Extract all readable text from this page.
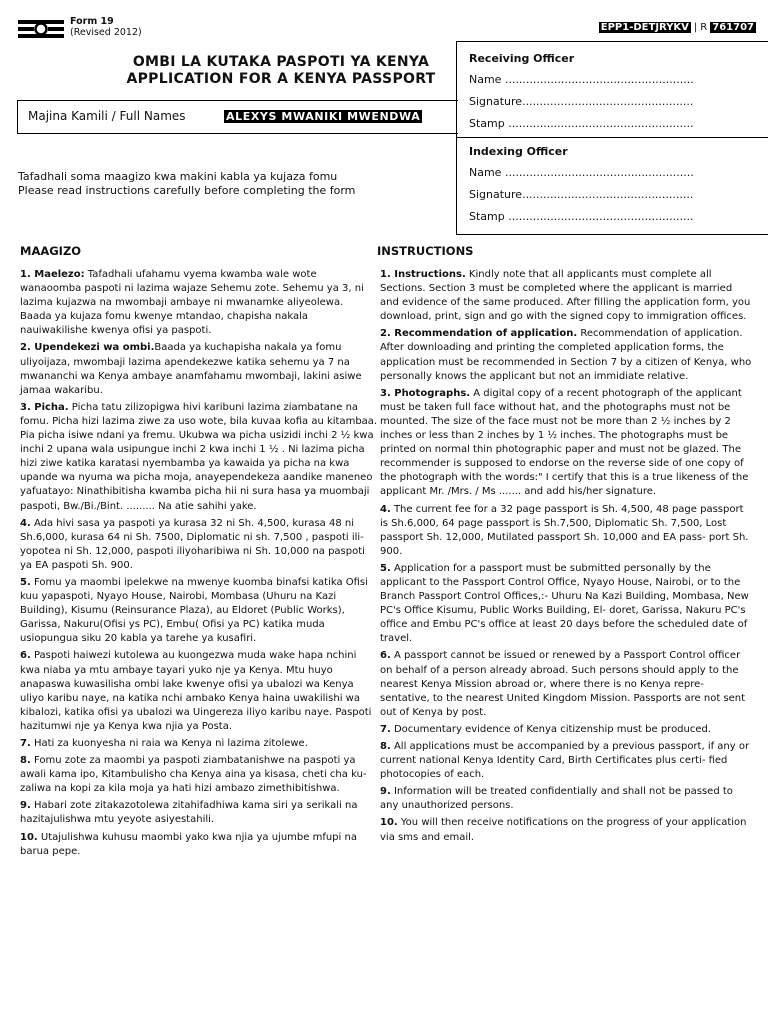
Form 19
(Revised 2012)	EPP1-DETJRYKV | R 761707
OMBI LA KUTAKA PASPOTI YA KENYA
APPLICATION FOR A KENYA PASSPORT
Receiving Officer
Name ......................................................
Signature.................................................
Stamp .....................................................
Indexing Officer
Name ......................................................
Signature.................................................
Stamp .....................................................
Majina Kamili / Full Names	ALEXYS MWANIKI MWENDWA
Tafadhali soma maagizo kwa makini kabla ya kujaza fomu
Please read instructions carefully before completing the form
MAAGIZO	INSTRUCTIONS

1. Maelezo: Tafadhali ufahamu vyema kwamba wale wote wanaoomba paspoti ni lazima wajaze Sehemu zote. Sehemu ya 3, ni lazima kujazwa na mwombaji ambaye ni mwanamke aliyeolewa. Baada ya kujaza fomu kwenye mtandao, chapisha nakala nauiwakilishe kwenya ofisi ya paspoti.

2. Upendekezi wa ombi.Baada ya kuchapisha nakala ya fomu uliyoijaza, mwombaji lazima apendekezwe katika sehemu ya 7 na mwananchi wa Kenya ambaye anamfahamu mwombaji, lakini asiwe jamaa wakaribu.

3. Picha. Picha tatu zilizopigwa hivi karibuni lazima ziambatane na fomu. Picha hizi lazima ziwe za uso wote, bila kuvaa kofia au kitambaa. Pia picha isiwe ndani ya fremu. Ukubwa wa picha usizidi inchi 2 ½ kwa inchi 2 upana wala usipungue inchi 2 kwa inchi 1 ½ . Ni lazima picha hizi ziwe katika karatasi nyembamba ya kawaida ya picha na kwa upande wa nyuma wa picha moja, anayependekeza aandike maneneo yafuatayo: Ninathibitisha kwamba picha hii ni sura hasa ya muombaji paspoti, Bw./Bi./Bint. ......... Na atie sahihi yake.

4. Ada hivi sasa ya paspoti ya kurasa 32 ni Sh. 4,500, kurasa 48 ni Sh.6,000, kurasa 64 ni Sh. 7500, Diplomatic ni sh. 7,500 , paspoti ili- yopotea ni Sh. 12,000, paspoti iliyoharibiwa ni Sh. 10,000 na paspoti ya EA paspoti Sh. 900.

5. Fomu ya maombi ipelekwe na mwenye kuomba binafsi katika Ofisi kuu yapaspoti, Nyayo House, Nairobi, Mombasa (Uhuru na Kazi Building), Kisumu (Reinsurance Plaza), au Eldoret (Public Works), Garissa, Nakuru(Ofisi ys PC), Embu( Ofisi ya PC) katika muda usiopungua siku 20 kabla ya tarehe ya kusafiri.

6. Paspoti haiwezi kutolewa au kuongezwa muda wake hapa nchini kwa niaba ya mtu ambaye tayari yuko nje ya Kenya. Mtu huyo anapaswa kuwasilisha ombi lake kwenye ofisi ya ubalozi wa Kenya uliyo karibu naye, na katika nchi ambako Kenya haina uwakilishi wa kibalozi, katika ofisi ya ubalozi wa Uingereza iliyo karibu naye. Paspoti hazitumwi nje ya Kenya kwa njia ya Posta.

7. Hati za kuonyesha ni raia wa Kenya ni lazima zitolewe.

8. Fomu zote za maombi ya paspoti ziambatanishwe na paspoti ya awali kama ipo, Kitambulisho cha Kenya aina ya kisasa, cheti cha ku- zaliwa na kopi za kila moja ya hati hizi ambazo zimethibitishwa.

9. Habari zote zitakazotolewa zitahifadhiwa kama siri ya serikali na hazitajulishwa mtu yeyote asiyestahili.

10. Utajulishwa kuhusu maombi yako kwa njia ya ujumbe mfupi na barua pepe.

1. Instructions. Kindly note that all applicants must complete all Sections. Section 3 must be completed where the applicant is married and evidence of the same produced. After filling the application form, you download, print, sign and go with the signed copy to immigration offices.

2. Recommendation of application. Recommendation of application. After downloading and printing the completed application forms, the application must be recommended in Section 7 by a citizen of Kenya, who personally knows the applicant but not an immidiate relative.

3. Photographs. A digital copy of a recent photograph of the applicant must be taken full face without hat, and the photographs must not be mounted. The size of the face must not be more than 2 ½ inches by 2 inches or less than 2 inches by 1 ½ inches. The photographs must be printed on normal thin photographic paper and must not be glazed. The recommender is supposed to endorse on the reverse side of one copy of the photograph with the words:" I certify that this is a true likeness of the applicant Mr. /Mrs. / Ms ....... and add his/her signature.

4. The current fee for a 32 page passport is Sh. 4,500, 48 page passport is Sh.6,000, 64 page passport is Sh.7,500, Diplomatic Sh. 7,500, Lost passport Sh. 12,000, Mutilated passport Sh. 10,000 and EA pass- port Sh. 900.

5. Application for a passport must be submitted personally by the applicant to the Passport Control Office, Nyayo House, Nairobi, or to the Branch Passport Control Offices,:- Uhuru Na Kazi Building, Mombasa, New PC's Office Kisumu, Public Works Building, El- doret, Garissa, Nakuru PC's office and Embu PC's office at least 20 days before the scheduled date of travel.

6. A passport cannot be issued or renewed by a Passport Control officer on behalf of a person already abroad. Such persons should apply to the nearest Kenya Mission abroad or, where there is no Kenya repre- sentative, to the nearest United Kingdom Mission. Passports are not sent out of Kenya by post.

7. Documentary evidence of Kenya citizenship must be produced.

8. All applications must be accompanied by a previous passport, if any or current national Kenya Identity Card, Birth Certificates plus certi- fied photocopies of each.

9. Information will be treated confidentially and shall not be passed to any unauthorized persons.

10. You will then receive notifications on the progress of your application via sms and email.
